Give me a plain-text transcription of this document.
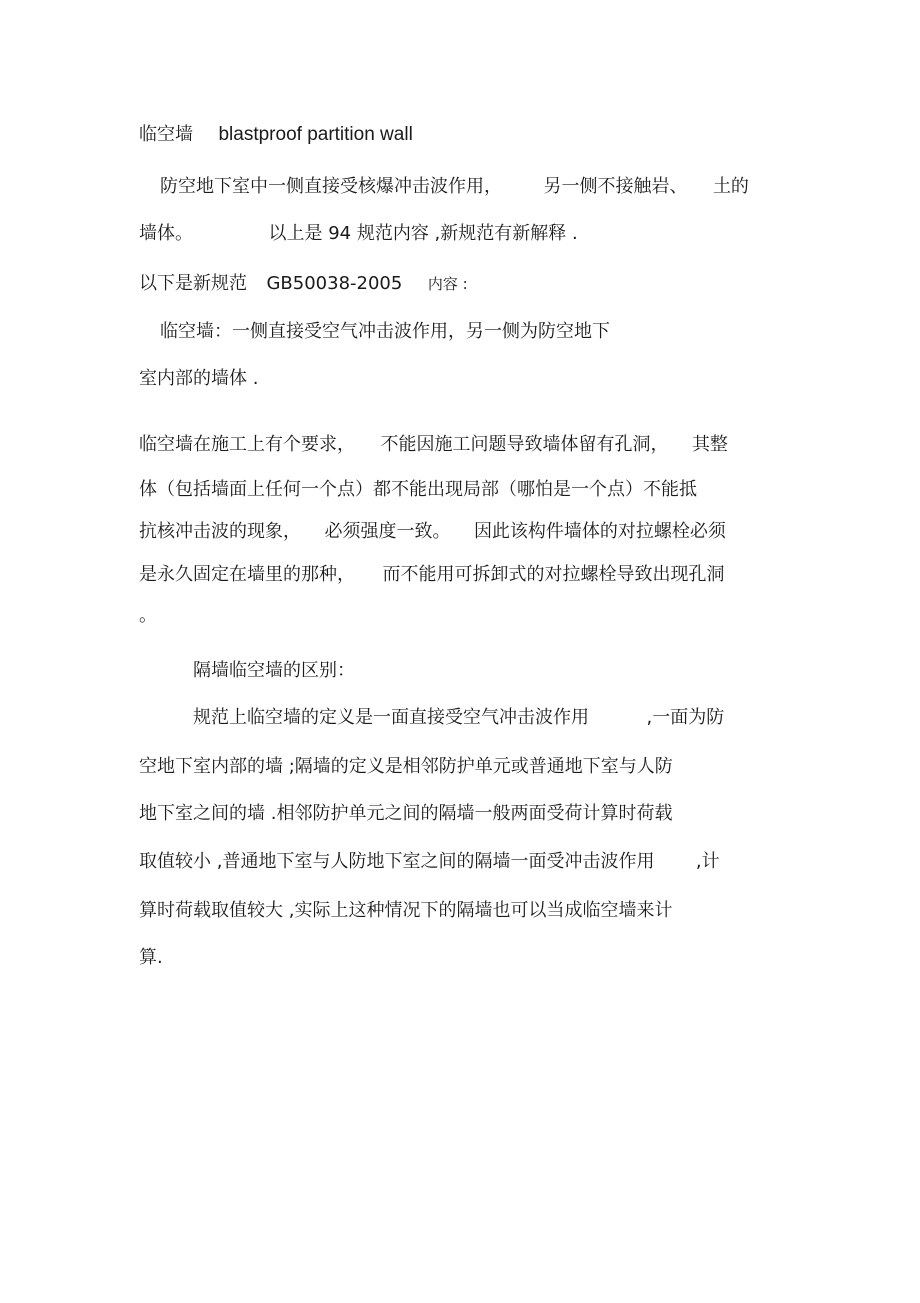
临空墙 blastproof partition wall
防空地下室中一侧直接受核爆冲击波作用， 另一侧不接触岩、 土的
墙体。	以上是 94 规范内容 ,新规范有新解释 .
以下是新规范 GB50038-2005 内容 :
临空墙：一侧直接受空气冲击波作用，另一侧为防空地下
室内部的墙体 .
临空墙在施工上有个要求， 不能因施工问题导致墙体留有孔洞， 其整
体（包括墙面上任何一个点）都不能出现局部（哪怕是一个点）不能抵
抗核冲击波的现象， 必须强度一致。 因此该构件墙体的对拉螺栓必须
是永久固定在墙里的那种， 而不能用可拆卸式的对拉螺栓导致出现孔洞
。
隔墙临空墙的区别：
规范上临空墙的定义是一面直接受空气冲击波作用	,一面为防
空地下室内部的墙 ;隔墙的定义是相邻防护单元或普通地下室与人防
地下室之间的墙 .相邻防护单元之间的隔墙一般两面受荷计算时荷载
取值较小 ,普通地下室与人防地下室之间的隔墙一面受冲击波作用 ,计
算时荷载取值较大 ,实际上这种情况下的隔墙也可以当成临空墙来计
算.
